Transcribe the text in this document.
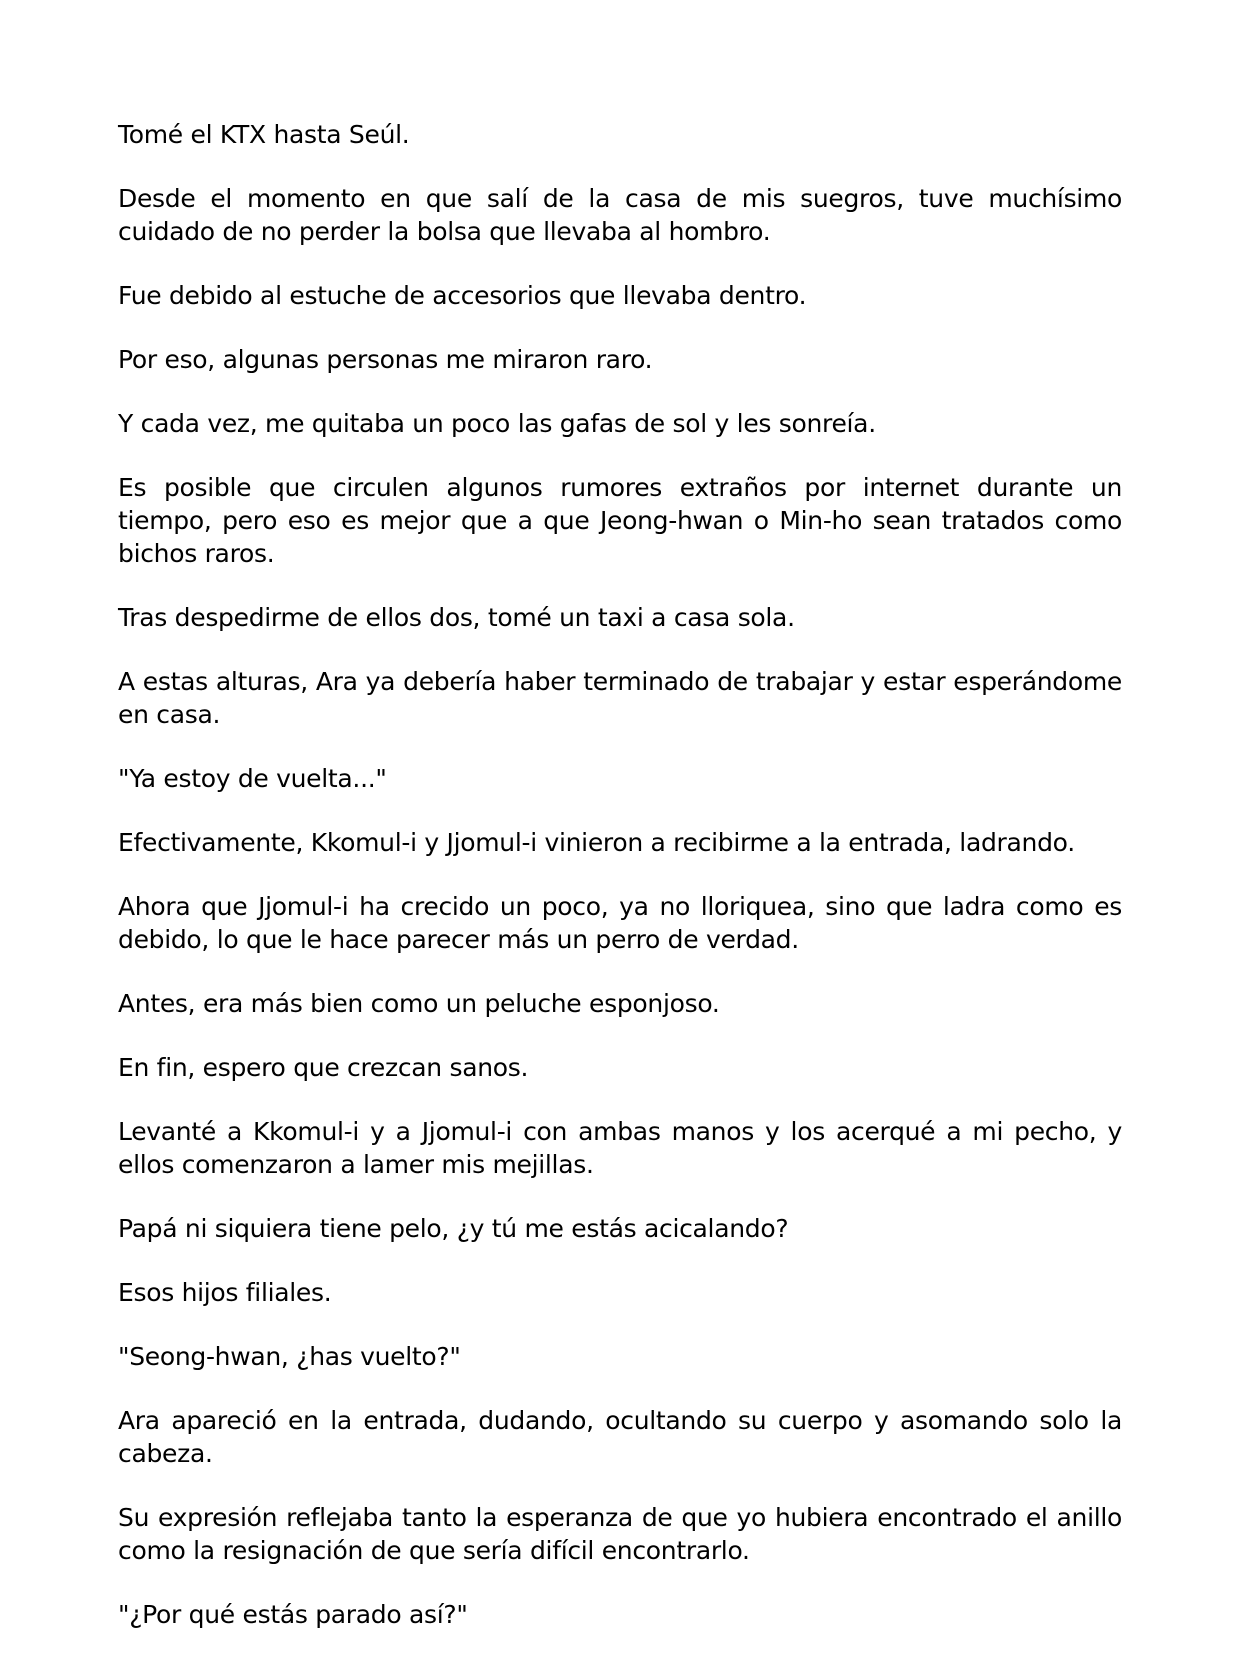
Tomé el KTX hasta Seúl.

Desde el momento en que salí de la casa de mis suegros, tuve muchísimo cuidado de no perder la bolsa que llevaba al hombro.

Fue debido al estuche de accesorios que llevaba dentro.

Por eso, algunas personas me miraron raro.

Y cada vez, me quitaba un poco las gafas de sol y les sonreía.

Es posible que circulen algunos rumores extraños por internet durante un tiempo, pero eso es mejor que a que Jeong-hwan o Min-ho sean tratados como bichos raros.

Tras despedirme de ellos dos, tomé un taxi a casa sola.

A estas alturas, Ara ya debería haber terminado de trabajar y estar esperándome en casa.

"Ya estoy de vuelta..."

Efectivamente, Kkomul-i y Jjomul-i vinieron a recibirme a la entrada, ladrando.

Ahora que Jjomul-i ha crecido un poco, ya no lloriquea, sino que ladra como es debido, lo que le hace parecer más un perro de verdad.

Antes, era más bien como un peluche esponjoso.

En fin, espero que crezcan sanos.

Levanté a Kkomul-i y a Jjomul-i con ambas manos y los acerqué a mi pecho, y ellos comenzaron a lamer mis mejillas.

Papá ni siquiera tiene pelo, ¿y tú me estás acicalando?

Esos hijos filiales.

"Seong-hwan, ¿has vuelto?"

Ara apareció en la entrada, dudando, ocultando su cuerpo y asomando solo la cabeza.

Su expresión reflejaba tanto la esperanza de que yo hubiera encontrado el anillo como la resignación de que sería difícil encontrarlo.

"¿Por qué estás parado así?"
